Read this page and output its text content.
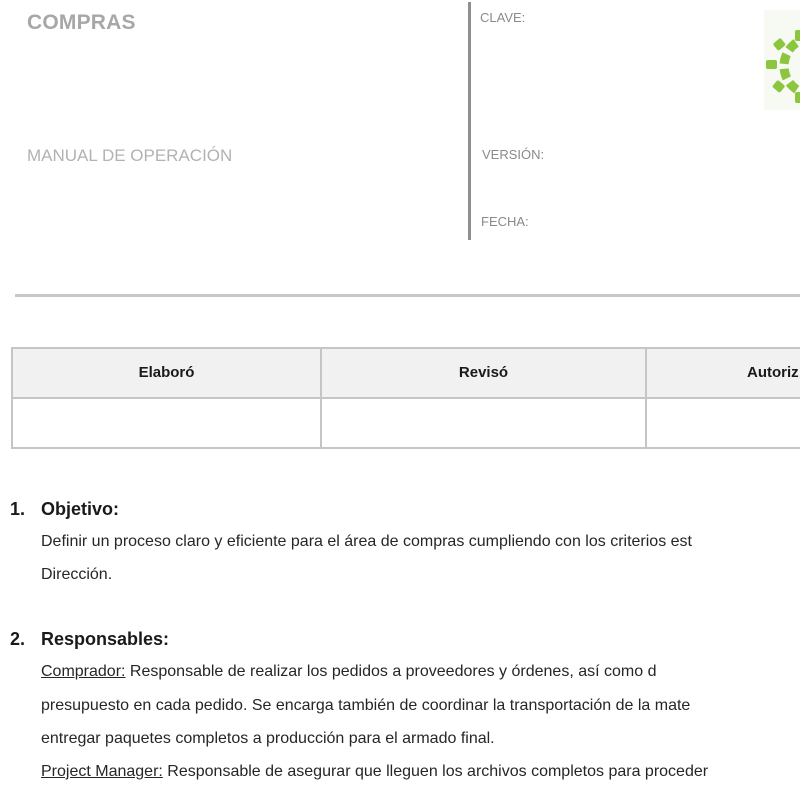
COMPRAS
MANUAL DE OPERACIÓN
CLAVE:
VERSIÓN:
FECHA:
Elaboró	Revisó	Autoriz
1. Objetivo:
Definir un proceso claro y eficiente para el área de compras cumpliendo con los criterios est
Dirección.
2. Responsables:
Comprador: Responsable de realizar los pedidos a proveedores y órdenes, así como d
presupuesto en cada pedido. Se encarga también de coordinar la transportación de la mate
entregar paquetes completos a producción para el armado final.
Project Manager: Responsable de asegurar que lleguen los archivos completos para proceder
